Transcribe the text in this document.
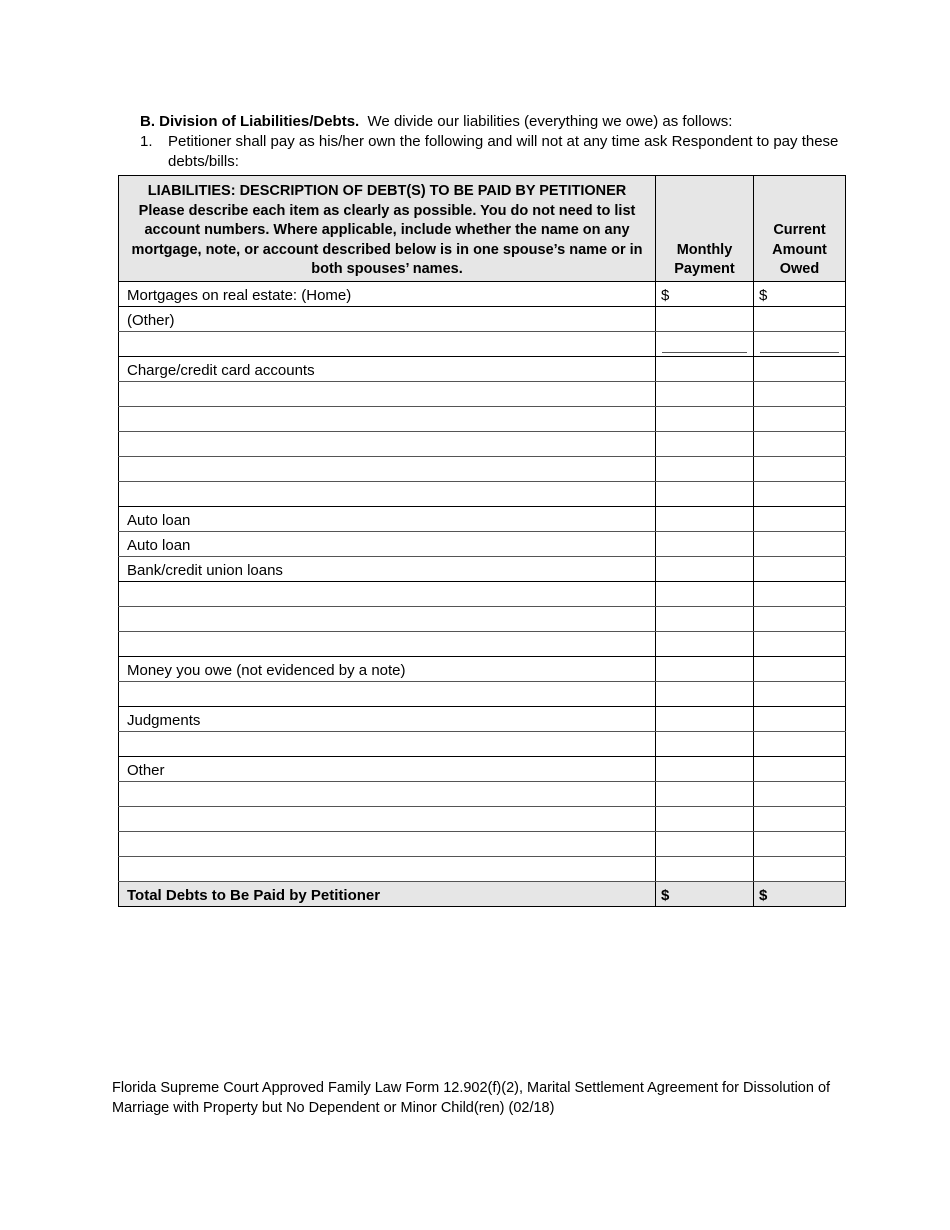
B. Division of Liabilities/Debts. We divide our liabilities (everything we owe) as follows:
1.	Petitioner shall pay as his/her own the following and will not at any time ask Respondent to pay these debts/bills:
LIABILITIES: DESCRIPTION OF DEBT(S) TO BE PAID BY PETITIONER
Please describe each item as clearly as possible. You do not need to list account numbers. Where applicable, include whether the name on any mortgage, note, or account described below is in one spouse’s name or in both spouses’ names.	Monthly Payment	Current Amount Owed
Mortgages on real estate: (Home)	$	$
(Other)		

Charge/credit card accounts		

Auto loan		
Auto loan		
Bank/credit union loans		

Money you owe (not evidenced by a note)		

Judgments		

Other		

Total Debts to Be Paid by Petitioner	$	$
Florida Supreme Court Approved Family Law Form 12.902(f)(2), Marital Settlement Agreement for Dissolution of Marriage with Property but No Dependent or Minor Child(ren) (02/18)
